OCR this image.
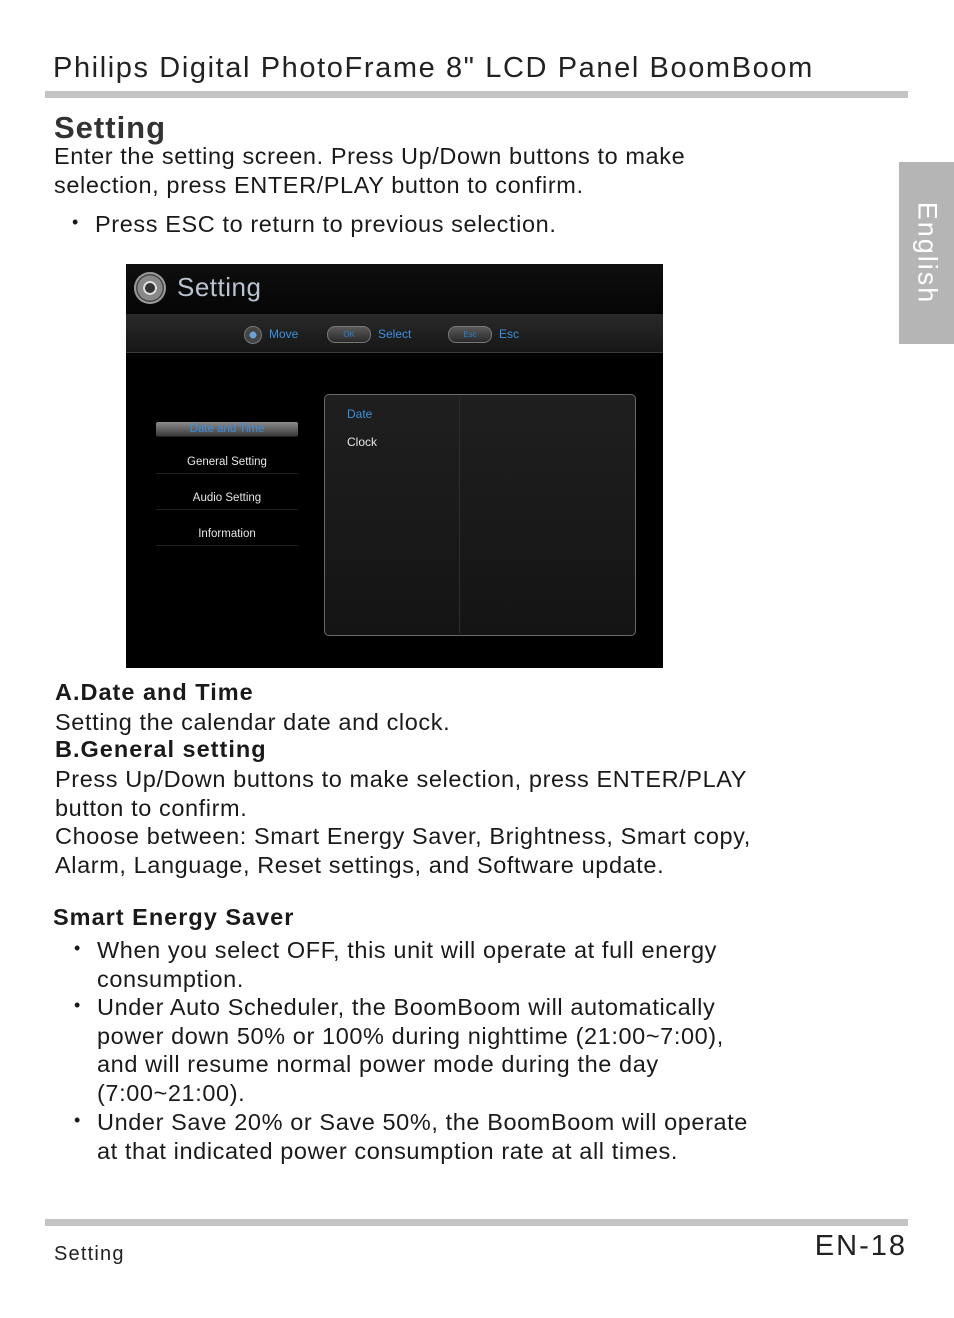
Philips Digital PhotoFrame 8" LCD Panel BoomBoom
English
Setting
Enter the setting screen. Press Up/Down buttons to make
selection, press ENTER/PLAY button to confirm.
• Press ESC to return to previous selection.
Setting
Move	OK	Select	Esc	Esc
Date and Time
General Setting
Audio Setting
Information
Date
Clock
A.Date and Time
Setting the calendar date and clock.
B.General setting
Press Up/Down buttons to make selection, press ENTER/PLAY
button to confirm.
Choose between: Smart Energy Saver, Brightness, Smart copy,
Alarm, Language, Reset settings, and Software update.
Smart Energy Saver
• When you select OFF, this unit will operate at full energy
consumption.
• Under Auto Scheduler, the BoomBoom will automatically
power down 50% or 100% during nighttime (21:00~7:00),
and will resume normal power mode during the day
(7:00~21:00).
• Under Save 20% or Save 50%, the BoomBoom will operate
at that indicated power consumption rate at all times.
Setting	EN-18
